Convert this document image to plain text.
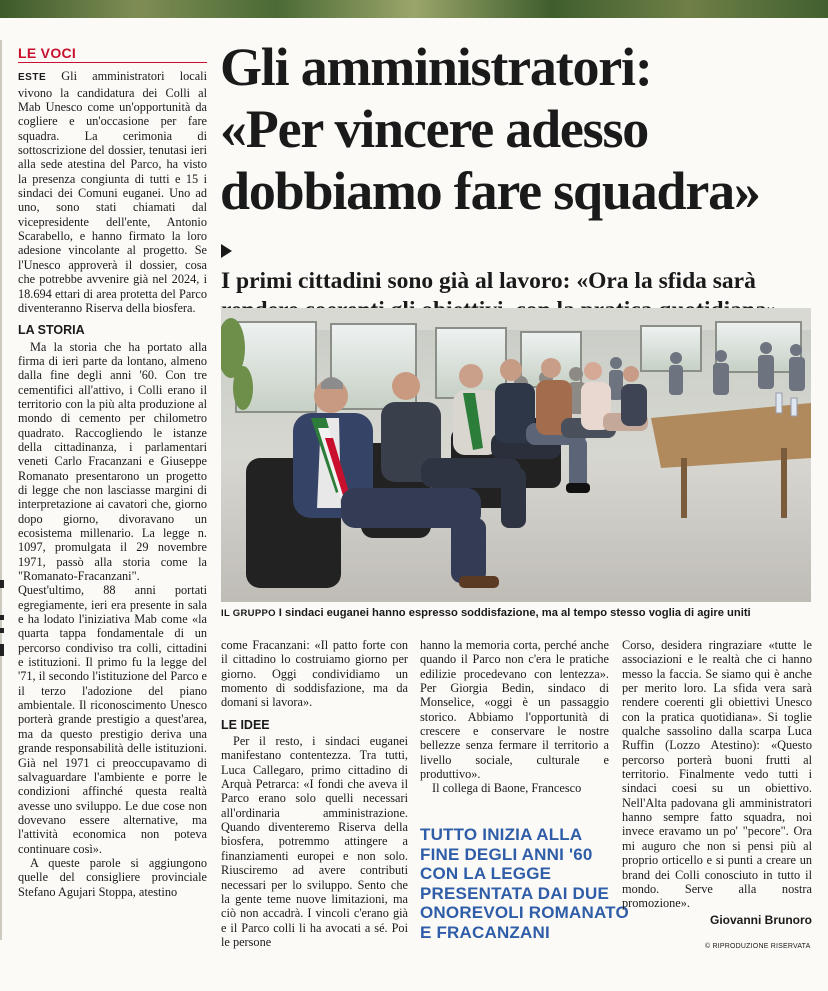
LE VOCI

ESTE Gli amministratori locali vivono la candidatura dei Colli al Mab Unesco come un'opportunità da cogliere e un'occasione per fare squadra. La cerimonia di sottoscrizione del dossier, tenutasi ieri alla sede atestina del Parco, ha visto la presenza congiunta di tutti e 15 i sindaci dei Comuni euganei. Uno ad uno, sono stati chiamati dal vicepresidente dell'ente, Antonio Scarabello, e hanno firmato la loro adesione vincolante al progetto. Se l'Unesco approverà il dossier, cosa che potrebbe avvenire già nel 2024, i 18.694 ettari di area protetta del Parco diventeranno Riserva della biosfera.

LA STORIA

Ma la storia che ha portato alla firma di ieri parte da lontano, almeno dalla fine degli anni '60. Con tre cementifici all'attivo, i Colli erano il territorio con la più alta produzione al mondo di cemento per chilometro quadrato. Raccogliendo le istanze della cittadinanza, i parlamentari veneti Carlo Fracanzani e Giuseppe Romanato presentarono un progetto di legge che non lasciasse margini di interpretazione ai cavatori che, giorno dopo giorno, divoravano un ecosistema millenario. La legge n. 1097, promulgata il 29 novembre 1971, passò alla storia come la "Romanato-Fracanzani". Quest'ultimo, 88 anni portati egregiamente, ieri era presente in sala e ha lodato l'iniziativa Mab come «la quarta tappa fondamentale di un percorso condiviso tra colli, cittadini e istituzioni. Il primo fu la legge del '71, il secondo l'istituzione del Parco e il terzo l'adozione del piano ambientale. Il riconoscimento Unesco porterà grande prestigio a quest'area, ma da questo prestigio deriva una grande responsabilità delle istituzioni. Già nel 1971 ci preoccupavamo di salvaguardare l'ambiente e porre le condizioni affinché questa realtà avesse uno sviluppo. Le due cose non dovevano essere alternative, ma l'attività economica non poteva continuare così».

A queste parole si aggiungono quelle del consigliere provinciale Stefano Agujari Stoppa, atestino

Gli amministratori:
«Per vincere adesso
dobbiamo fare squadra»
I primi cittadini sono già al lavoro: «Ora la sfida sarà
IL GRUPPO I sindaci euganei hanno espresso soddisfazione, ma al tempo stesso voglia di agire uniti

come Fracanzani: «Il patto forte con il cittadino lo costruiamo giorno per giorno. Oggi condividiamo un momento di soddisfazione, ma da domani si lavora».

LE IDEE

Per il resto, i sindaci euganei manifestano contentezza. Tra tutti, Luca Callegaro, primo cittadino di Arquà Petrarca: «I fondi che aveva il Parco erano solo quelli necessari all'ordinaria amministrazione. Quando diventeremo Riserva della biosfera, potremmo attingere a finanziamenti europei e non solo. Riusciremo ad avere contributi necessari per lo sviluppo. Sento che la gente teme nuove limitazioni, ma ciò non accadrà. I vincoli c'erano già e il Parco colli li ha avocati a sé. Poi le persone

hanno la memoria corta, perché anche quando il Parco non c'era le pratiche edilizie procedevano con lentezza». Per Giorgia Bedin, sindaco di Monselice, «oggi è un passaggio storico. Abbiamo l'opportunità di crescere e conservare le nostre bellezze senza fermare il territorio a livello sociale, culturale e produttivo».

Il collega di Baone, Francesco

TUTTO INIZIA ALLA
FINE DEGLI ANNI '60
CON LA LEGGE
PRESENTATA DAI DUE
ONOREVOLI ROMANATO
E FRACANZANI

Corso, desidera ringraziare «tutte le associazioni e le realtà che ci hanno messo la faccia. Se siamo qui è anche per merito loro. La sfida vera sarà rendere coerenti gli obiettivi Unesco con la pratica quotidiana». Si toglie qualche sassolino dalla scarpa Luca Ruffin (Lozzo Atestino): «Questo percorso porterà buoni frutti al territorio. Finalmente vedo tutti i sindaci coesi su un obiettivo. Nell'Alta padovana gli amministratori hanno sempre fatto squadra, noi invece eravamo un po' "pecore". Ora mi auguro che non si pensi più al proprio orticello e si punti a creare un brand dei Colli conosciuto in tutto il mondo. Serve alla nostra promozione».

Giovanni Brunoro
© RIPRODUZIONE RISERVATA
